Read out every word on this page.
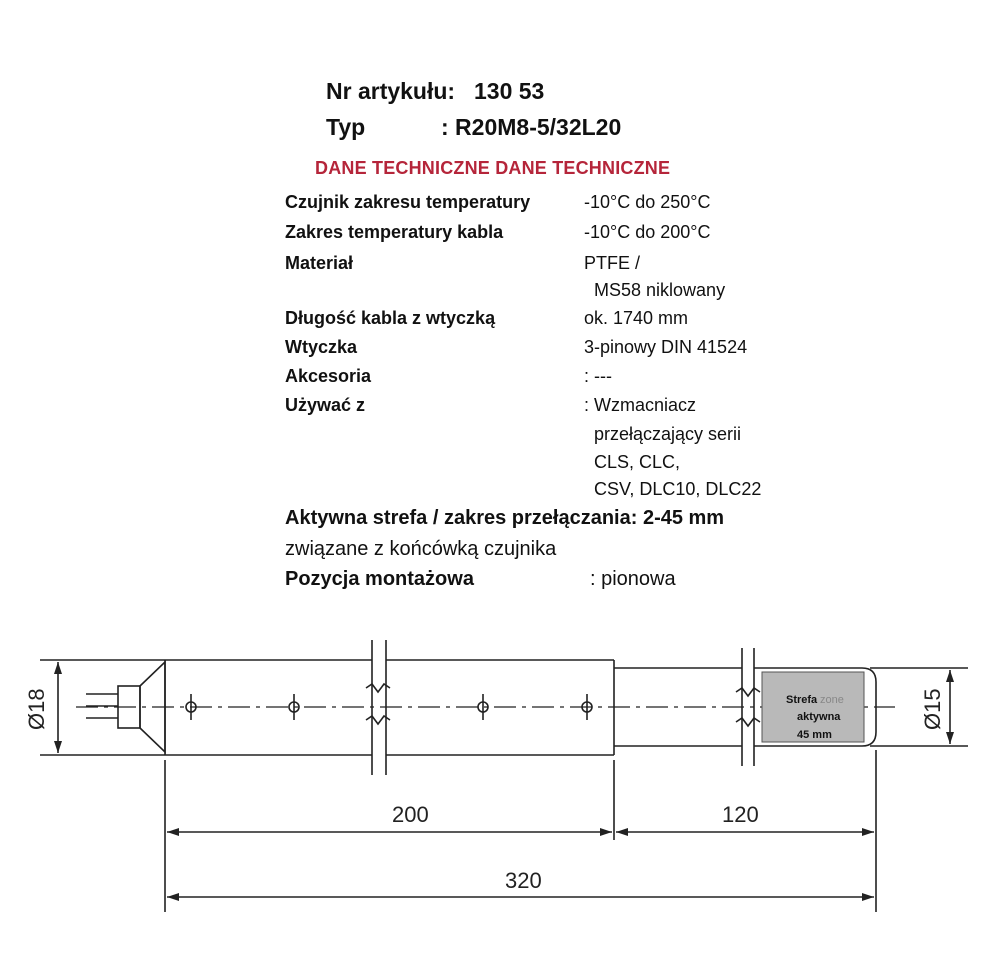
Nr artykułu: 130 53
Typ	: R20M8-5/32L20
DANE TECHNICZNE DANE TECHNICZNE
Czujnik zakresu temperatury	-10°C do 250°C
Zakres temperatury kabla	-10°C do 200°C
Materiał	PTFE /
MS58 niklowany
Długość kabla z wtyczką	ok. 1740 mm
Wtyczka	3-pinowy DIN 41524
Akcesoria	: ---
Używać z	: Wzmacniacz
przełączający serii
CLS, CLC,
CSV, DLC10, DLC22
Aktywna strefa / zakres przełączania: 2-45 mm
związane z końcówką czujnika
Pozycja montażowa	: pionowa
Strefa zone
aktywna
45 mm
Ø18	Ø15
200	120
320
